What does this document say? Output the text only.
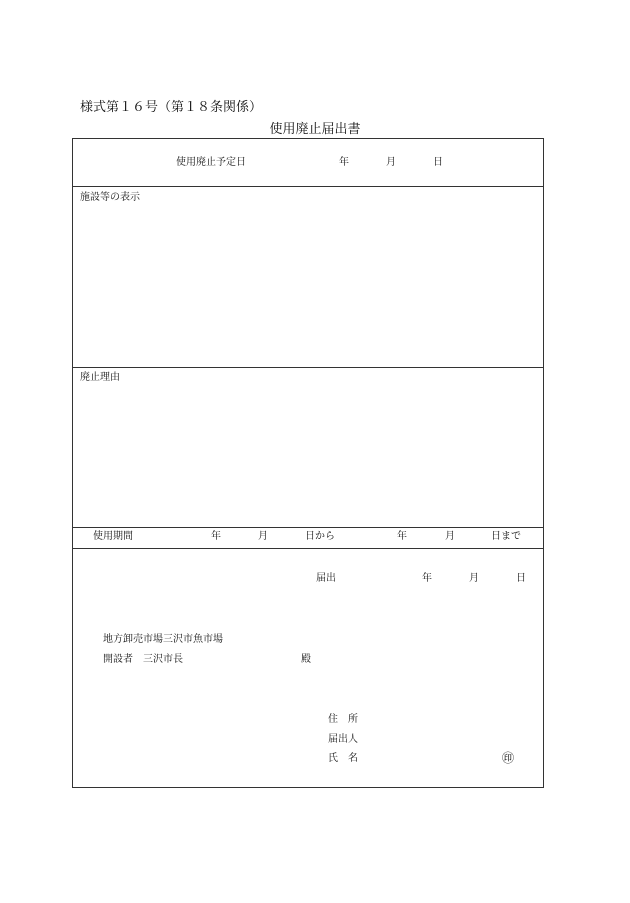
様式第１６号（第１８条関係）
使用廃止届出書
使用廃止予定日	年	月	日
施設等の表示
廃止理由
使用期間	年	月	日から	年	月	日まで
届出	年	月	日
地方卸売市場三沢市魚市場
開設者　三沢市長	殿
住　所
届出人
氏　名	㊞
